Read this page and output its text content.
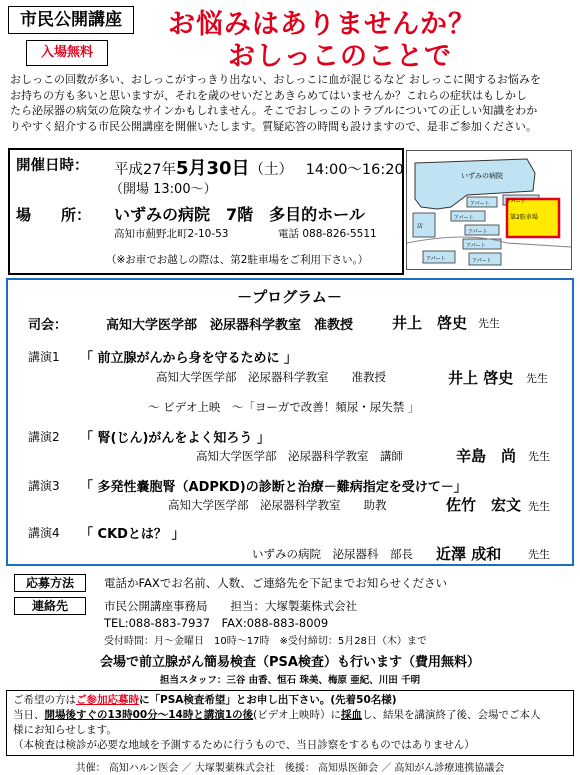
市民公開講座
入場無料
お悩みはありませんか？
おしっこのことで
おしっこの回数が多い、おしっこがすっきり出ない、おしっこに血が混じるなど おしっこに関するお悩みを
お持ちの方も多いと思いますが、それを歳のせいだとあきらめてはいませんか？これらの症状はもしかし
たら泌尿器の病気の危険なサインかもしれません。そこでおしっこのトラブルについての正しい知識をわか
りやすく紹介する市民公開講座を開催いたします。質疑応答の時間も設けますので、是非ご参加ください。
開催日時： 平成27年5月30日（土） 14:00〜16:20
（開場 13:00〜）
場　　所： いずみの病院　7階　多目的ホール
高知市薊野北町2-10-53	電話 088-826-5511
（※お車でお越しの際は、第2駐車場をご利用下さい。）
いずみの病院
第2駐車場
店
アパート
アパート
アパート
アパート
アパート
アパート	アパート
－プログラム－
司会：	高知大学医学部　泌尿器科学教室　准教授	井上　啓史 先生
講演1 「 前立腺がんから身を守るために 」
高知大学医学部　泌尿器科学教室　　准教授	井上 啓史 先生
～ ビデオ上映　～「ヨーガで改善！頻尿・尿失禁 」
講演2 「 腎(じん)がんをよく知ろう 」
高知大学医学部　泌尿器科学教室　講師	辛島　尚 先生
講演3 「 多発性嚢胞腎（ADPKD)の診断と治療－難病指定を受けて－」
高知大学医学部　泌尿器科学教室　　助教	佐竹　宏文 先生
講演4 「 CKDとは？ 」
いずみの病院　泌尿器科　部長 近澤 成和 先生
応募方法	電話かFAXでお名前、人数、ご連絡先を下記までお知らせください
連絡先	市民公開講座事務局　　担当：大塚製薬株式会社
TEL:088-883-7937　FAX:088-883-8009
受付時間：月～金曜日　10時～17時　※受付締切：5月28日（木）まで
会場で前立腺がん簡易検査（PSA検査）も行います（費用無料）
担当スタッフ：三谷 由香、恒石 珠美、梅原 亜紀、川田 千明
ご希望の方はご参加応募時に「PSA検査希望」とお申し出下さい。(先着50名様)
当日、開場後すぐの13時00分～14時と講演1の後(ビデオ上映時）に採血し、結果を講演終了後、会場でご本人
様にお知らせします。
（本検査は検診が必要な地域を予測するために行うもので、当日診察をするものではありません）
共催： 高知ハルン医会 ／ 大塚製薬株式会社　後援： 高知県医師会 ／ 高知がん診療連携協議会
